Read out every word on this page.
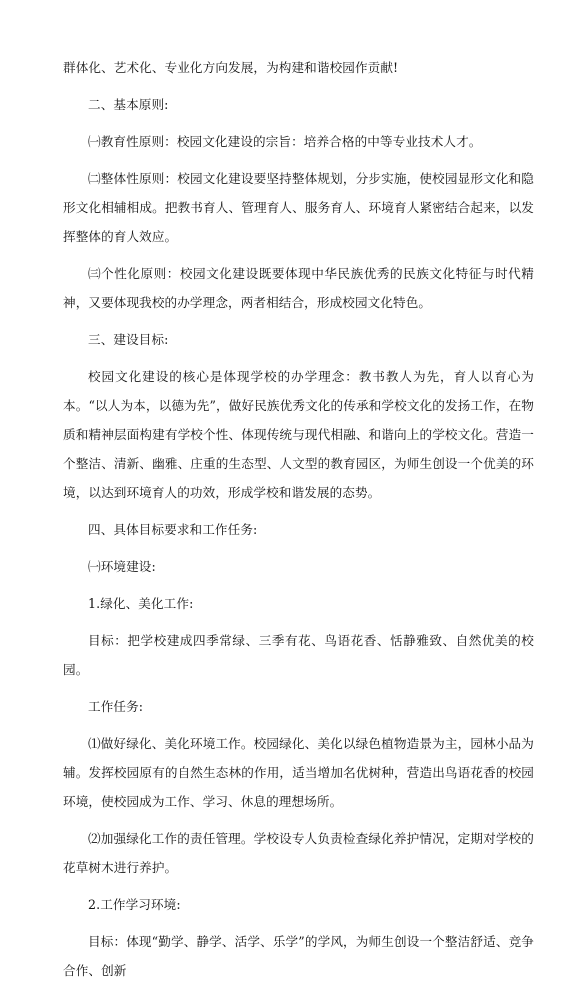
群体化、艺术化、专业化方向发展，为构建和谐校园作贡献!

二、基本原则:

㈠教育性原则：校园文化建设的宗旨：培养合格的中等专业技术人才。

㈡整体性原则：校园文化建设要坚持整体规划，分步实施，使校园显形文化和隐形文化相辅相成。把教书育人、管理育人、服务育人、环境育人紧密结合起来，以发挥整体的育人效应。

㈢个性化原则：校园文化建设既要体现中华民族优秀的民族文化特征与时代精神，又要体现我校的办学理念，两者相结合，形成校园文化特色。

三、建设目标:

校园文化建设的核心是体现学校的办学理念：教书教人为先，育人以育心为本。“以人为本，以德为先”，做好民族优秀文化的传承和学校文化的发扬工作，在物质和精神层面构建有学校个性、体现传统与现代相融、和谐向上的学校文化。营造一个整洁、清新、幽雅、庄重的生态型、人文型的教育园区，为师生创设一个优美的环境，以达到环境育人的功效，形成学校和谐发展的态势。

四、具体目标要求和工作任务:

㈠环境建设:

1.绿化、美化工作:

目标：把学校建成四季常绿、三季有花、鸟语花香、恬静雅致、自然优美的校园。

工作任务:

⑴做好绿化、美化环境工作。校园绿化、美化以绿色植物造景为主，园林小品为辅。发挥校园原有的自然生态林的作用，适当增加名优树种，营造出鸟语花香的校园环境，使校园成为工作、学习、休息的理想场所。

⑵加强绿化工作的责任管理。学校设专人负责检查绿化养护情况，定期对学校的花草树木进行养护。

2.工作学习环境:

目标：体现“勤学、静学、活学、乐学”的学风，为师生创设一个整洁舒适、竞争合作、创新
